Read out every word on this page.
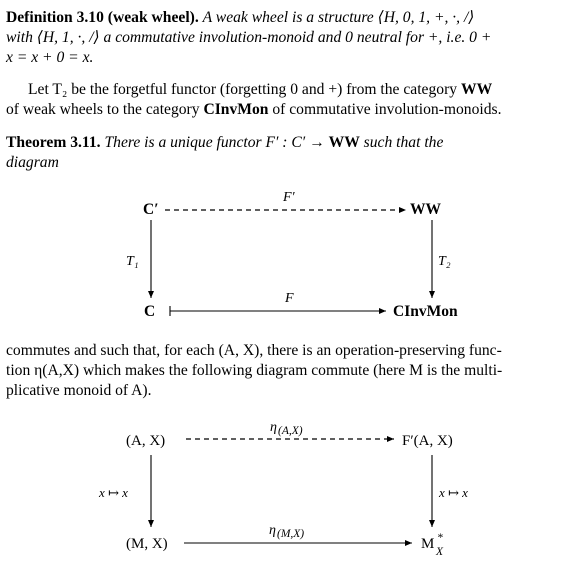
Definition 3.10 (weak wheel). A weak wheel is a structure ⟨H, 0, 1, +, ·, /⟩
with ⟨H, 1, ·, /⟩ a commutative involution-monoid and 0 neutral for +, i.e. 0 +
x = x + 0 = x.
Let T₂ be the forgetful functor (forgetting 0 and +) from the category WW
of weak wheels to the category CInvMon of commutative involution-monoids.
Theorem 3.11. There is a unique functor F′ : C′ → WW such that the
diagram
C′	WW
C	CInvMon
F′
F
T₁	T₂
commutes and such that, for each (A, X), there is an operation-preserving func-
tion η(A,X) which makes the following diagram commute (here M is the multi-
plicative monoid of A).
(A, X)	F′(A, X)
(M, X)	M *
X
η (A,X)
η (M,X)
x ↦ x	x ↦ x
